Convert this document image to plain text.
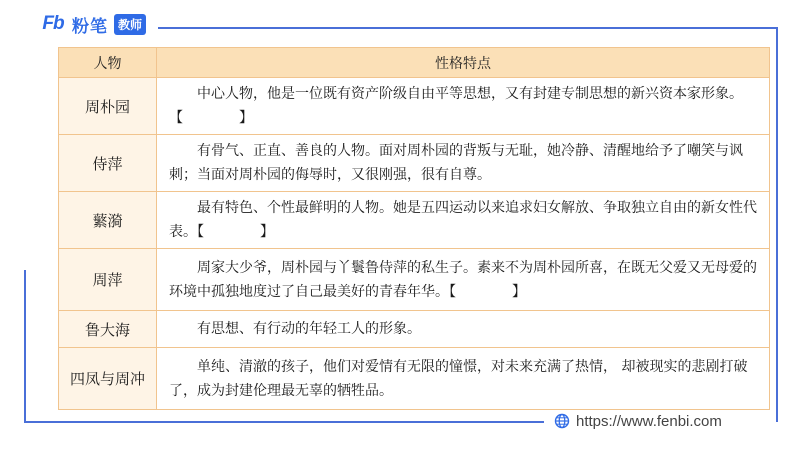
Fb 粉笔 教师
人物	性格特点
周朴园	中心人物，他是一位既有资产阶级自由平等思想，又有封建专制思想的新兴资本家形象。【　　　　】
侍萍	有骨气、正直、善良的人物。面对周朴园的背叛与无耻，她冷静、清醒地给予了嘲笑与讽刺；当面对周朴园的侮辱时，又很刚强，很有自尊。
蘩漪	最有特色、个性最鲜明的人物。她是五四运动以来追求妇女解放、争取独立自由的新女性代表。【　　　　】
周萍	周家大少爷，周朴园与丫鬟鲁侍萍的私生子。素来不为周朴园所喜，在既无父爱又无母爱的环境中孤独地度过了自己最美好的青春年华。【　　　　】
鲁大海	有思想、有行动的年轻工人的形象。
四凤与周冲	单纯、清澈的孩子，他们对爱情有无限的憧憬，对未来充满了热情， 却被现实的悲剧打破了，成为封建伦理最无辜的牺牲品。
https://www.fenbi.com
